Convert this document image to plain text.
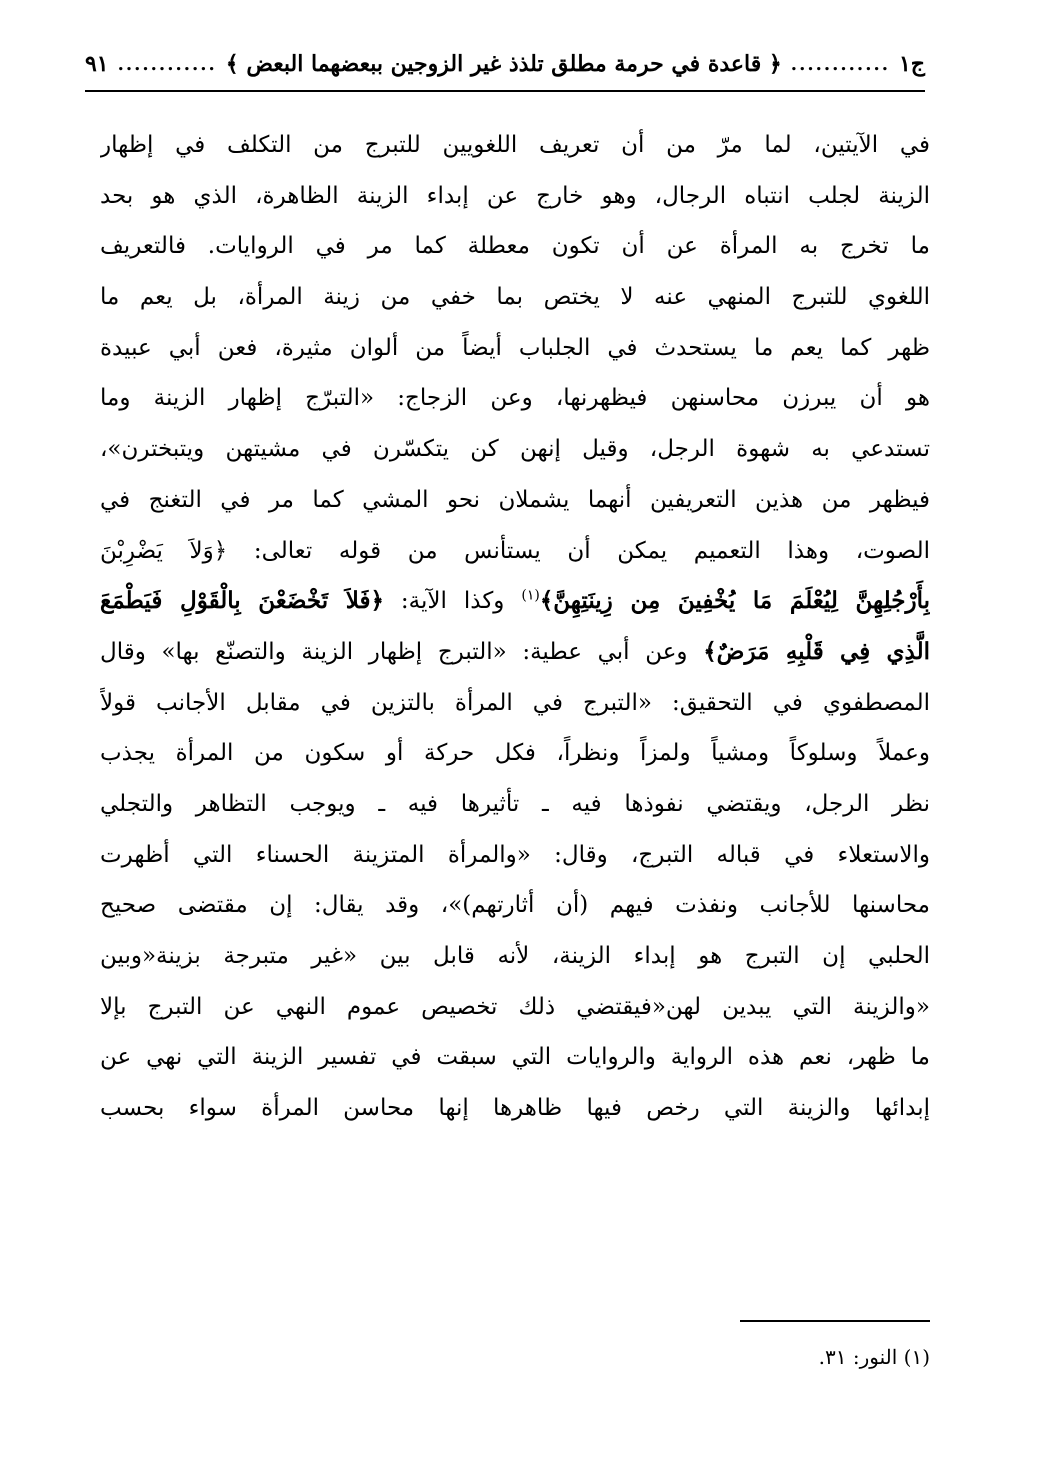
ج١
............
﴿ قاعدة في حرمة مطلق تلذذ غير الزوجين ببعضهما البعض ﴾
............
٩١
في الآيتين، لما مرّ من أن تعريف اللغويين للتبرج من التكلف في إظهار
الزينة لجلب انتباه الرجال، وهو خارج عن إبداء الزينة الظاهرة، الذي هو بحد
ما تخرج به المرأة عن أن تكون معطلة كما مر في الروايات. فالتعريف
اللغوي للتبرج المنهي عنه لا يختص بما خفي من زينة المرأة، بل يعم ما
ظهر كما يعم ما يستحدث في الجلباب أيضاً من ألوان مثيرة، فعن أبي عبيدة
هو أن يبرزن محاسنهن فيظهرنها، وعن الزجاج: «التبرّج إظهار الزينة وما
تستدعي به شهوة الرجل، وقيل إنهن كن يتكسّرن في مشيتهن ويتبخترن»،
فيظهر من هذين التعريفين أنهما يشملان نحو المشي كما مر في التغنج في
الصوت، وهذا التعميم يمكن أن يستأنس من قوله تعالى: ﴿وَلاَ يَضْرِبْنَ
بِأَرْجُلِهِنَّ لِيُعْلَمَ مَا يُخْفِينَ مِن زِينَتِهِنَّ﴾$^{(١)}$ وكذا الآية: ﴿فَلاَ تَخْضَعْنَ بِالْقَوْلِ فَيَطْمَعَ
الَّذِي فِي قَلْبِهِ مَرَضٌ﴾ وعن أبي عطية: «التبرج إظهار الزينة والتصنّع بها» وقال
المصطفوي في التحقيق: «التبرج في المرأة بالتزين في مقابل الأجانب قولاً
وعملاً وسلوكاً ومشياً ولمزاً ونظراً، فكل حركة أو سكون من المرأة يجذب
نظر الرجل، ويقتضي نفوذها فيه ـ تأثيرها فيه ـ ويوجب التظاهر والتجلي
والاستعلاء في قباله التبرج، وقال: «والمرأة المتزينة الحسناء التي أظهرت
محاسنها للأجانب ونفذت فيهم (أن أثارتهم)»، وقد يقال: إن مقتضى صحيح
الحلبي إن التبرج هو إبداء الزينة، لأنه قابل بين «غير متبرجة بزينة«وبين
«والزينة التي يبدين لهن«فيقتضي ذلك تخصيص عموم النهي عن التبرج بإلا
ما ظهر، نعم هذه الرواية والروايات التي سبقت في تفسير الزينة التي نهي عن
إبدائها والزينة التي رخص فيها ظاهرها إنها محاسن المرأة سواء بحسب
(١) النور: ٣١.
